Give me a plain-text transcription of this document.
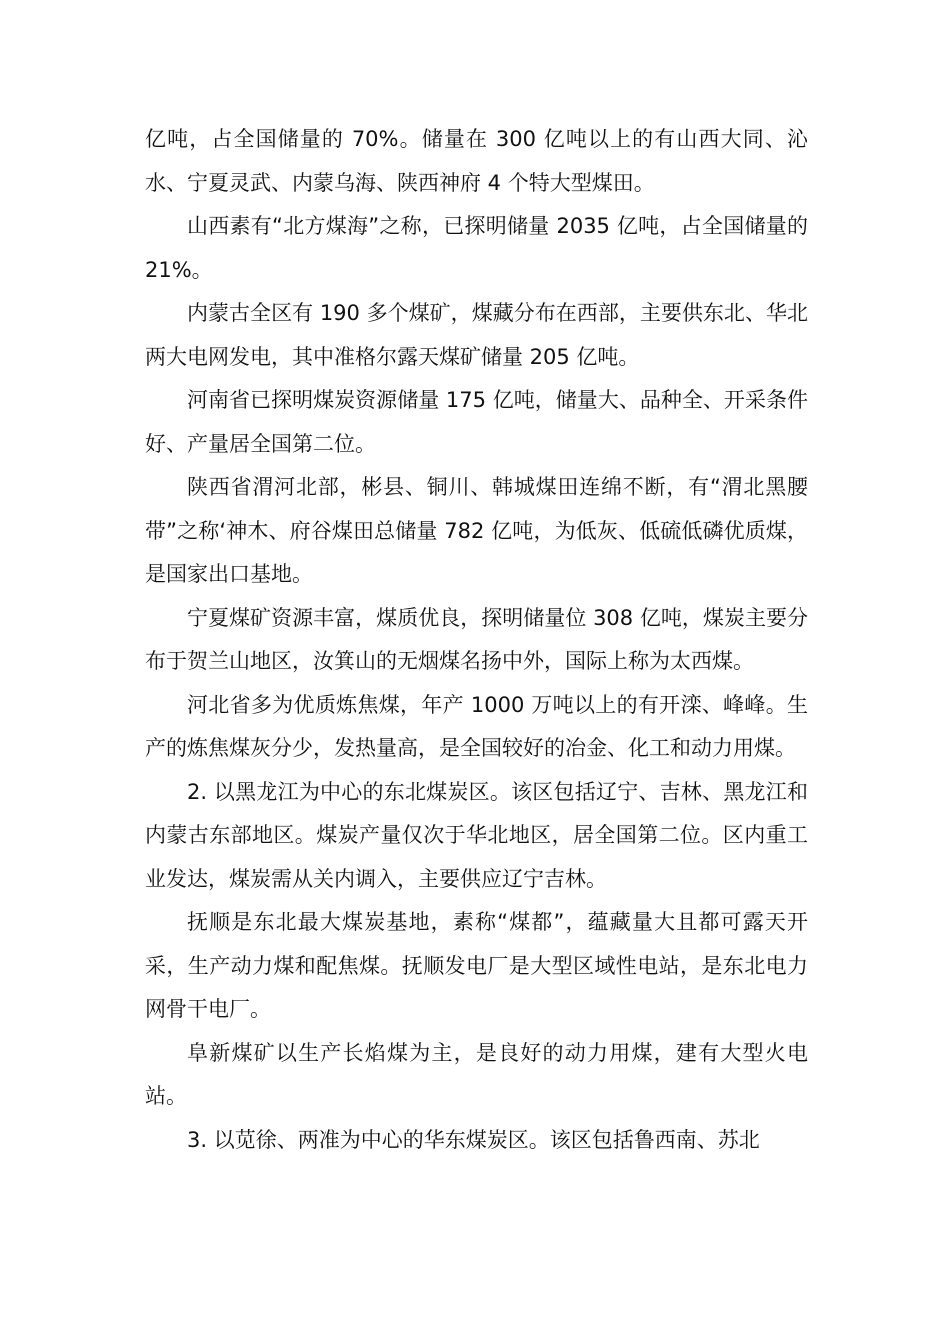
亿吨，占全国储量的 70%。储量在 300 亿吨以上的有山西大同、沁水、宁夏灵武、内蒙乌海、陕西神府 4 个特大型煤田。

山西素有“北方煤海”之称，已探明储量 2035 亿吨，占全国储量的 21%。

内蒙古全区有 190 多个煤矿，煤藏分布在西部，主要供东北、华北两大电网发电，其中准格尔露天煤矿储量 205 亿吨。

河南省已探明煤炭资源储量 175 亿吨，储量大、品种全、开采条件好、产量居全国第二位。

陕西省渭河北部，彬县、铜川、韩城煤田连绵不断，有“渭北黑腰带”之称‘神木、府谷煤田总储量 782 亿吨，为低灰、低硫低磷优质煤，是国家出口基地。

宁夏煤矿资源丰富，煤质优良，探明储量位 308 亿吨，煤炭主要分布于贺兰山地区，汝箕山的无烟煤名扬中外，国际上称为太西煤。

河北省多为优质炼焦煤，年产 1000 万吨以上的有开滦、峰峰。生产的炼焦煤灰分少，发热量高，是全国较好的冶金、化工和动力用煤。

2. 以黑龙江为中心的东北煤炭区。该区包括辽宁、吉林、黑龙江和内蒙古东部地区。煤炭产量仅次于华北地区，居全国第二位。区内重工业发达，煤炭需从关内调入，主要供应辽宁吉林。

抚顺是东北最大煤炭基地，素称“煤都”，蕴藏量大且都可露天开采，生产动力煤和配焦煤。抚顺发电厂是大型区域性电站，是东北电力网骨干电厂。

阜新煤矿以生产长焰煤为主，是良好的动力用煤，建有大型火电站。

3. 以苋徐、两准为中心的华东煤炭区。该区包括鲁西南、苏北
